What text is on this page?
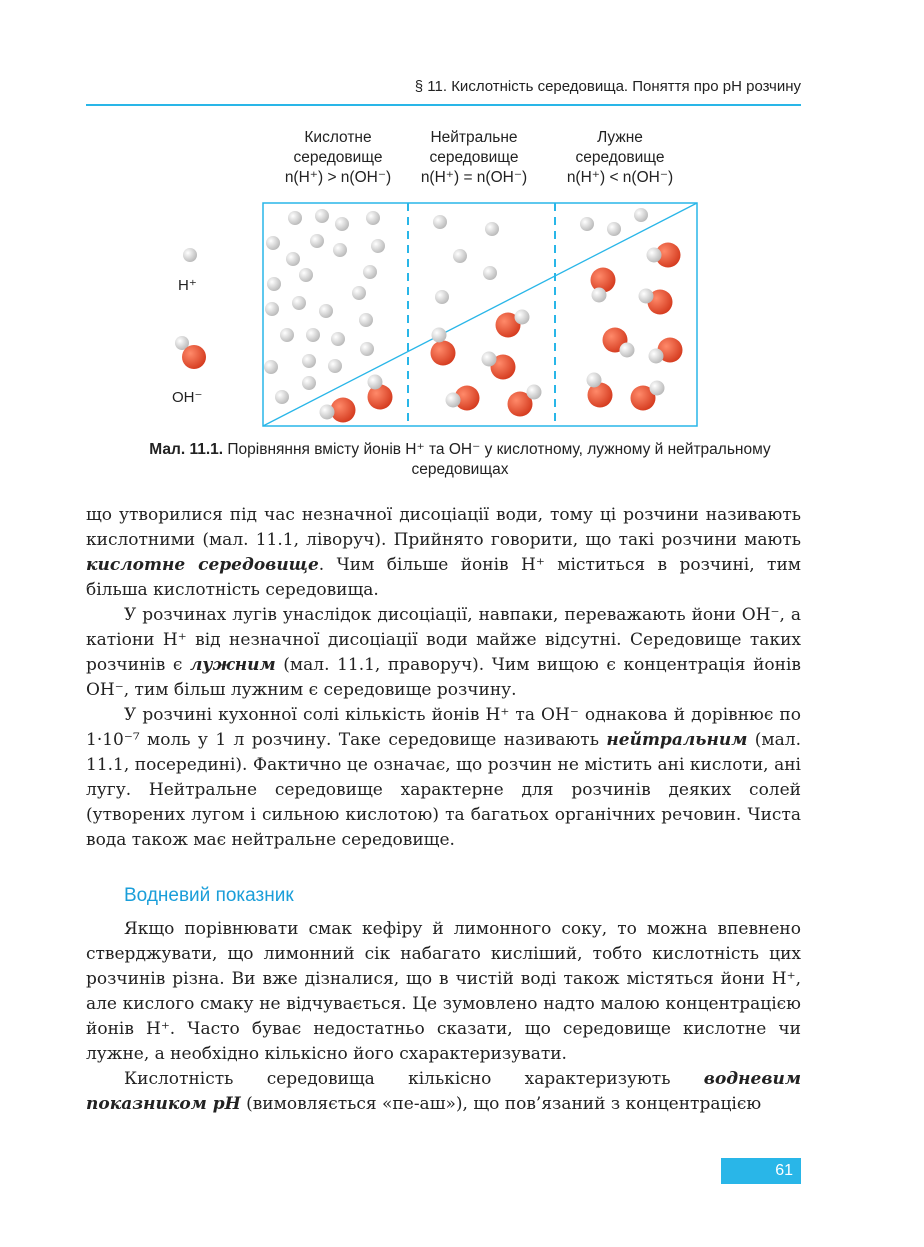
§ 11. Кислотність середовища. Поняття про рН розчину
Кислотне
середовище
n(H⁺) > n(OH⁻)
Нейтральне
середовище
n(H⁺) = n(OH⁻)
Лужне
середовище
n(H⁺) < n(OH⁻)
H⁺
OH⁻
Мал. 11.1. Порівняння вмісту йонів H⁺ та OH⁻ у кислотному, лужному й нейтральному середовищах

що утворилися під час незначної дисоціації води, тому ці розчини називають кислотними (мал. 11.1, ліворуч). Прийнято говорити, що такі розчини мають кислотне середовище. Чим більше йонів H⁺ міститься в розчині, тим більша кислотність середовища.

У розчинах лугів унаслідок дисоціації, навпаки, переважають йони OH⁻, а катіони H⁺ від незначної дисоціації води майже відсутні. Середовище таких розчинів є лужним (мал. 11.1, праворуч). Чим вищою є концентрація йонів OH⁻, тим більш лужним є середовище розчину.

У розчині кухонної солі кількість йонів H⁺ та OH⁻ однакова й дорівнює по 1·10⁻⁷ моль у 1 л розчину. Таке середовище називають нейтральним (мал. 11.1, посередині). Фактично це означає, що розчин не містить ані кислоти, ані лугу. Нейтральне середовище характерне для розчинів деяких солей (утворених лугом і сильною кислотою) та багатьох органічних речовин. Чиста вода також має нейтральне середовище.

Водневий показник

Якщо порівнювати смак кефіру й лимонного соку, то можна впевнено стверджувати, що лимонний сік набагато кисліший, тобто кислотність цих розчинів різна. Ви вже дізналися, що в чистій воді також містяться йони H⁺, але кислого смаку не відчувається. Це зумовлено надто малою концентрацією йонів H⁺. Часто буває недостатньо сказати, що середовище кислотне чи лужне, а необхідно кількісно його схарактеризувати.

Кислотність середовища кількісно характеризують водневим показником pH (вимовляється «пе-аш»), що пов’язаний з концентрацією

61
